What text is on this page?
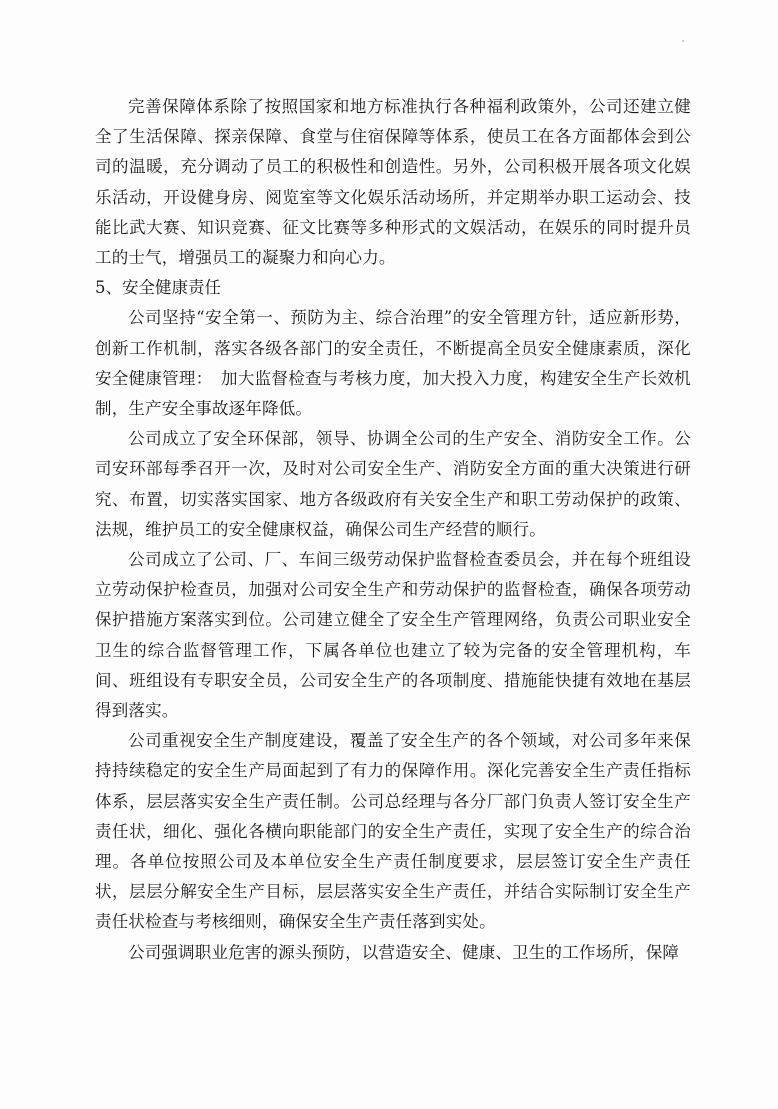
完善保障体系除了按照国家和地方标准执行各种福利政策外，公司还建立健全了生活保障、探亲保障、食堂与住宿保障等体系，使员工在各方面都体会到公司的温暖，充分调动了员工的积极性和创造性。另外，公司积极开展各项文化娱乐活动，开设健身房、阅览室等文化娱乐活动场所，并定期举办职工运动会、技能比武大赛、知识竞赛、征文比赛等多种形式的文娱活动，在娱乐的同时提升员工的士气，增强员工的凝聚力和向心力。

5、安全健康责任

公司坚持“安全第一、预防为主、综合治理”的安全管理方针，适应新形势，创新工作机制，落实各级各部门的安全责任，不断提高全员安全健康素质，深化安全健康管理：　加大监督检查与考核力度，加大投入力度，构建安全生产长效机制，生产安全事故逐年降低。

公司成立了安全环保部，领导、协调全公司的生产安全、消防安全工作。公司安环部每季召开一次，及时对公司安全生产、消防安全方面的重大决策进行研究、布置，切实落实国家、地方各级政府有关安全生产和职工劳动保护的政策、法规，维护员工的安全健康权益，确保公司生产经营的顺行。

公司成立了公司、厂、车间三级劳动保护监督检查委员会，并在每个班组设立劳动保护检查员，加强对公司安全生产和劳动保护的监督检查，确保各项劳动保护措施方案落实到位。公司建立健全了安全生产管理网络，负责公司职业安全卫生的综合监督管理工作，下属各单位也建立了较为完备的安全管理机构，车间、班组设有专职安全员，公司安全生产的各项制度、措施能快捷有效地在基层得到落实。

公司重视安全生产制度建设，覆盖了安全生产的各个领域，对公司多年来保持持续稳定的安全生产局面起到了有力的保障作用。深化完善安全生产责任指标体系，层层落实安全生产责任制。公司总经理与各分厂部门负责人签订安全生产责任状，细化、强化各横向职能部门的安全生产责任，实现了安全生产的综合治理。各单位按照公司及本单位安全生产责任制度要求，层层签订安全生产责任状，层层分解安全生产目标，层层落实安全生产责任，并结合实际制订安全生产责任状检查与考核细则，确保安全生产责任落到实处。

公司强调职业危害的源头预防，以营造安全、健康、卫生的工作场所，保障
